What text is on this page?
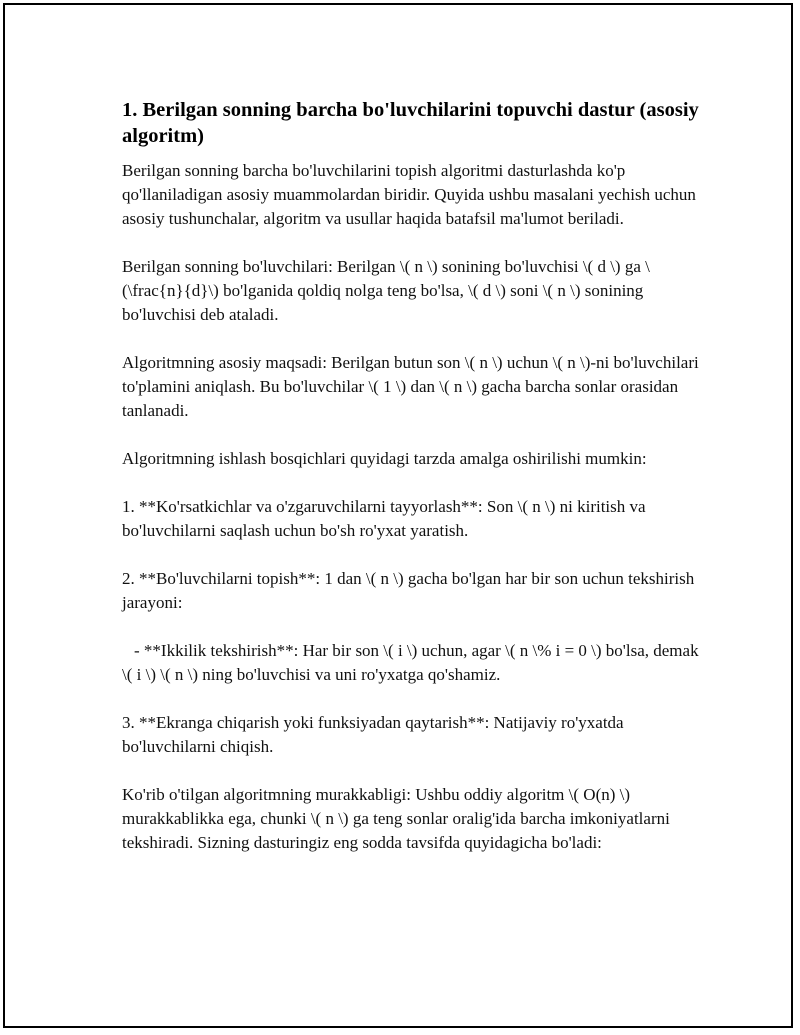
1. Berilgan sonning barcha bo'luvchilarini topuvchi dastur (asosiy algoritm)

Berilgan sonning barcha bo'luvchilarini topish algoritmi dasturlashda ko'p qo'llaniladigan asosiy muammolardan biridir. Quyida ushbu masalani yechish uchun asosiy tushunchalar, algoritm va usullar haqida batafsil ma'lumot beriladi.

Berilgan sonning bo'luvchilari: Berilgan \( n \) sonining bo'luvchisi \( d \) ga \(\frac{n}{d}\) bo'lganida qoldiq nolga teng bo'lsa, \( d \) soni \( n \) sonining bo'luvchisi deb ataladi.

Algoritmning asosiy maqsadi: Berilgan butun son \( n \) uchun \( n \)-ni bo'luvchilari to'plamini aniqlash. Bu bo'luvchilar \( 1 \) dan \( n \) gacha barcha sonlar orasidan tanlanadi.

Algoritmning ishlash bosqichlari quyidagi tarzda amalga oshirilishi mumkin:

1. **Ko'rsatkichlar va o'zgaruvchilarni tayyorlash**: Son \( n \) ni kiritish va bo'luvchilarni saqlash uchun bo'sh ro'yxat yaratish.

2. **Bo'luvchilarni topish**: 1 dan \( n \) gacha bo'lgan har bir son uchun tekshirish jarayoni:

- **Ikkilik tekshirish**: Har bir son \( i \) uchun, agar \( n \% i = 0 \) bo'lsa, demak \( i \) \( n \) ning bo'luvchisi va uni ro'yxatga qo'shamiz.

3. **Ekranga chiqarish yoki funksiyadan qaytarish**: Natijaviy ro'yxatda bo'luvchilarni chiqish.

Ko'rib o'tilgan algoritmning murakkabligi: Ushbu oddiy algoritm \( O(n) \) murakkablikka ega, chunki \( n \) ga teng sonlar oralig'ida barcha imkoniyatlarni tekshiradi. Sizning dasturingiz eng sodda tavsifda quyidagicha bo'ladi:
